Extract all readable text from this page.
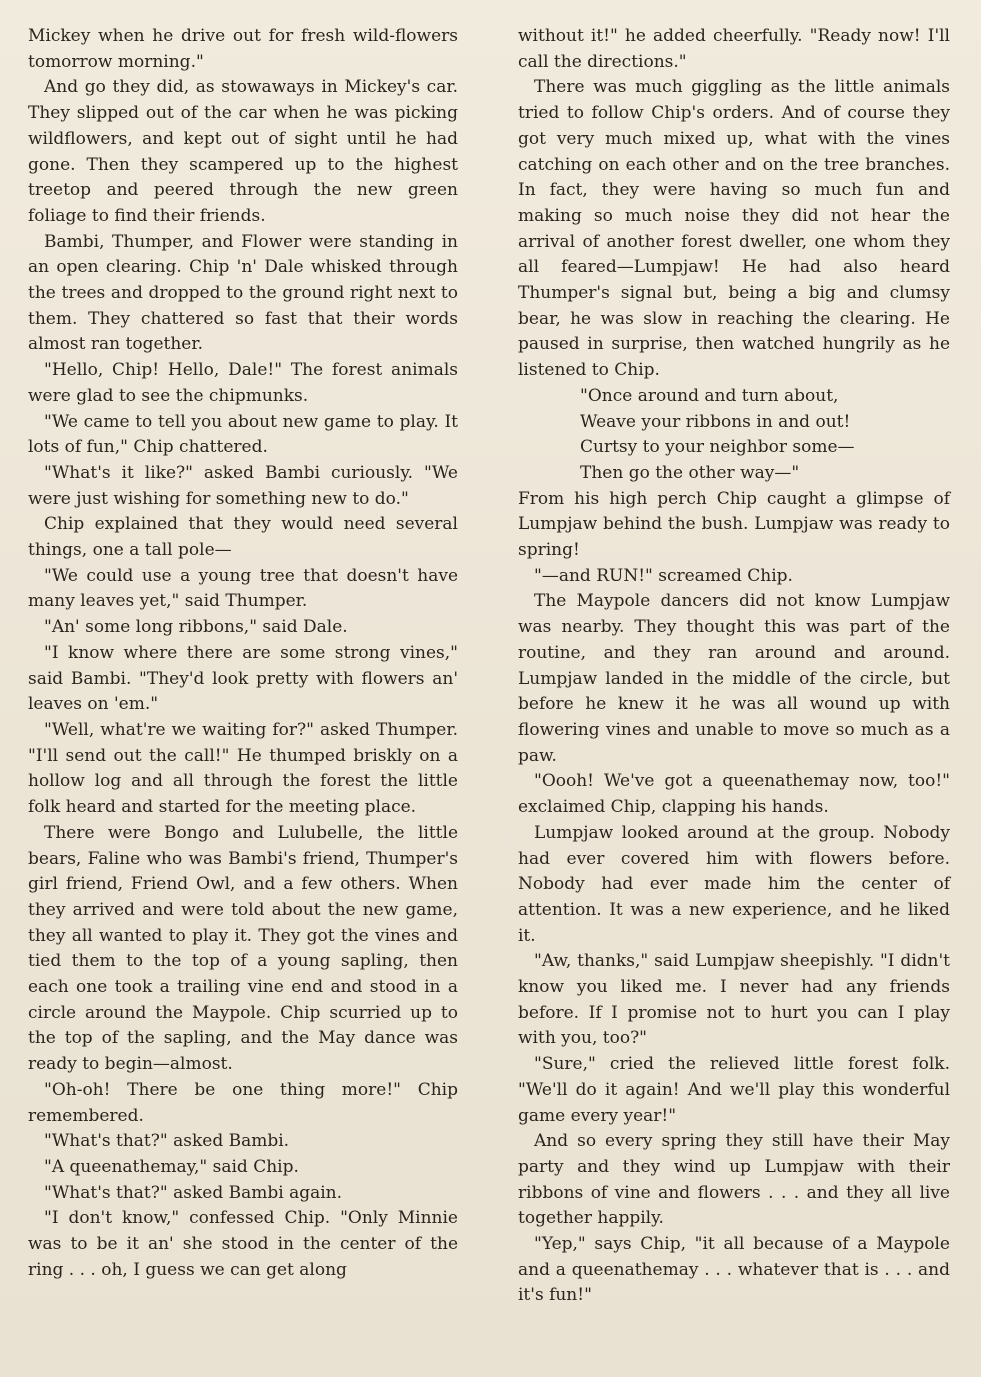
Mickey when he drive out for fresh wild-flowers tomorrow morning."

And go they did, as stowaways in Mickey's car. They slipped out of the car when he was picking wildflowers, and kept out of sight until he had gone. Then they scampered up to the highest treetop and peered through the new green foliage to find their friends.

Bambi, Thumper, and Flower were standing in an open clearing. Chip 'n' Dale whisked through the trees and dropped to the ground right next to them. They chattered so fast that their words almost ran together.

"Hello, Chip! Hello, Dale!" The forest animals were glad to see the chipmunks.

"We came to tell you about new game to play. It lots of fun," Chip chattered.

"What's it like?" asked Bambi curiously. "We were just wishing for something new to do."

Chip explained that they would need several things, one a tall pole—

"We could use a young tree that doesn't have many leaves yet," said Thumper.

"An' some long ribbons," said Dale.

"I know where there are some strong vines," said Bambi. "They'd look pretty with flowers an' leaves on 'em."

"Well, what're we waiting for?" asked Thumper. "I'll send out the call!" He thumped briskly on a hollow log and all through the forest the little folk heard and started for the meeting place.

There were Bongo and Lulubelle, the little bears, Faline who was Bambi's friend, Thumper's girl friend, Friend Owl, and a few others. When they arrived and were told about the new game, they all wanted to play it. They got the vines and tied them to the top of a young sapling, then each one took a trailing vine end and stood in a circle around the Maypole. Chip scurried up to the top of the sapling, and the May dance was ready to begin—almost.

"Oh-oh! There be one thing more!" Chip remembered.

"What's that?" asked Bambi.

"A queenathemay," said Chip.

"What's that?" asked Bambi again.

"I don't know," confessed Chip. "Only Minnie was to be it an' she stood in the center of the ring . . . oh, I guess we can get along

without it!" he added cheerfully. "Ready now! I'll call the directions."

There was much giggling as the little animals tried to follow Chip's orders. And of course they got very much mixed up, what with the vines catching on each other and on the tree branches. In fact, they were having so much fun and making so much noise they did not hear the arrival of another forest dweller, one whom they all feared—Lumpjaw! He had also heard Thumper's signal but, being a big and clumsy bear, he was slow in reaching the clearing. He paused in surprise, then watched hungrily as he listened to Chip.

"Once around and turn about,
Weave your ribbons in and out!
Curtsy to your neighbor some—
Then go the other way—"

From his high perch Chip caught a glimpse of Lumpjaw behind the bush. Lumpjaw was ready to spring!

"—and RUN!" screamed Chip.

The Maypole dancers did not know Lumpjaw was nearby. They thought this was part of the routine, and they ran around and around. Lumpjaw landed in the middle of the circle, but before he knew it he was all wound up with flowering vines and unable to move so much as a paw.

"Oooh! We've got a queenathemay now, too!" exclaimed Chip, clapping his hands.

Lumpjaw looked around at the group. Nobody had ever covered him with flowers before. Nobody had ever made him the center of attention. It was a new experience, and he liked it.

"Aw, thanks," said Lumpjaw sheepishly. "I didn't know you liked me. I never had any friends before. If I promise not to hurt you can I play with you, too?"

"Sure," cried the relieved little forest folk. "We'll do it again! And we'll play this wonderful game every year!"

And so every spring they still have their May party and they wind up Lumpjaw with their ribbons of vine and flowers . . . and they all live together happily.

"Yep," says Chip, "it all because of a Maypole and a queenathemay . . . whatever that is . . . and it's fun!"
